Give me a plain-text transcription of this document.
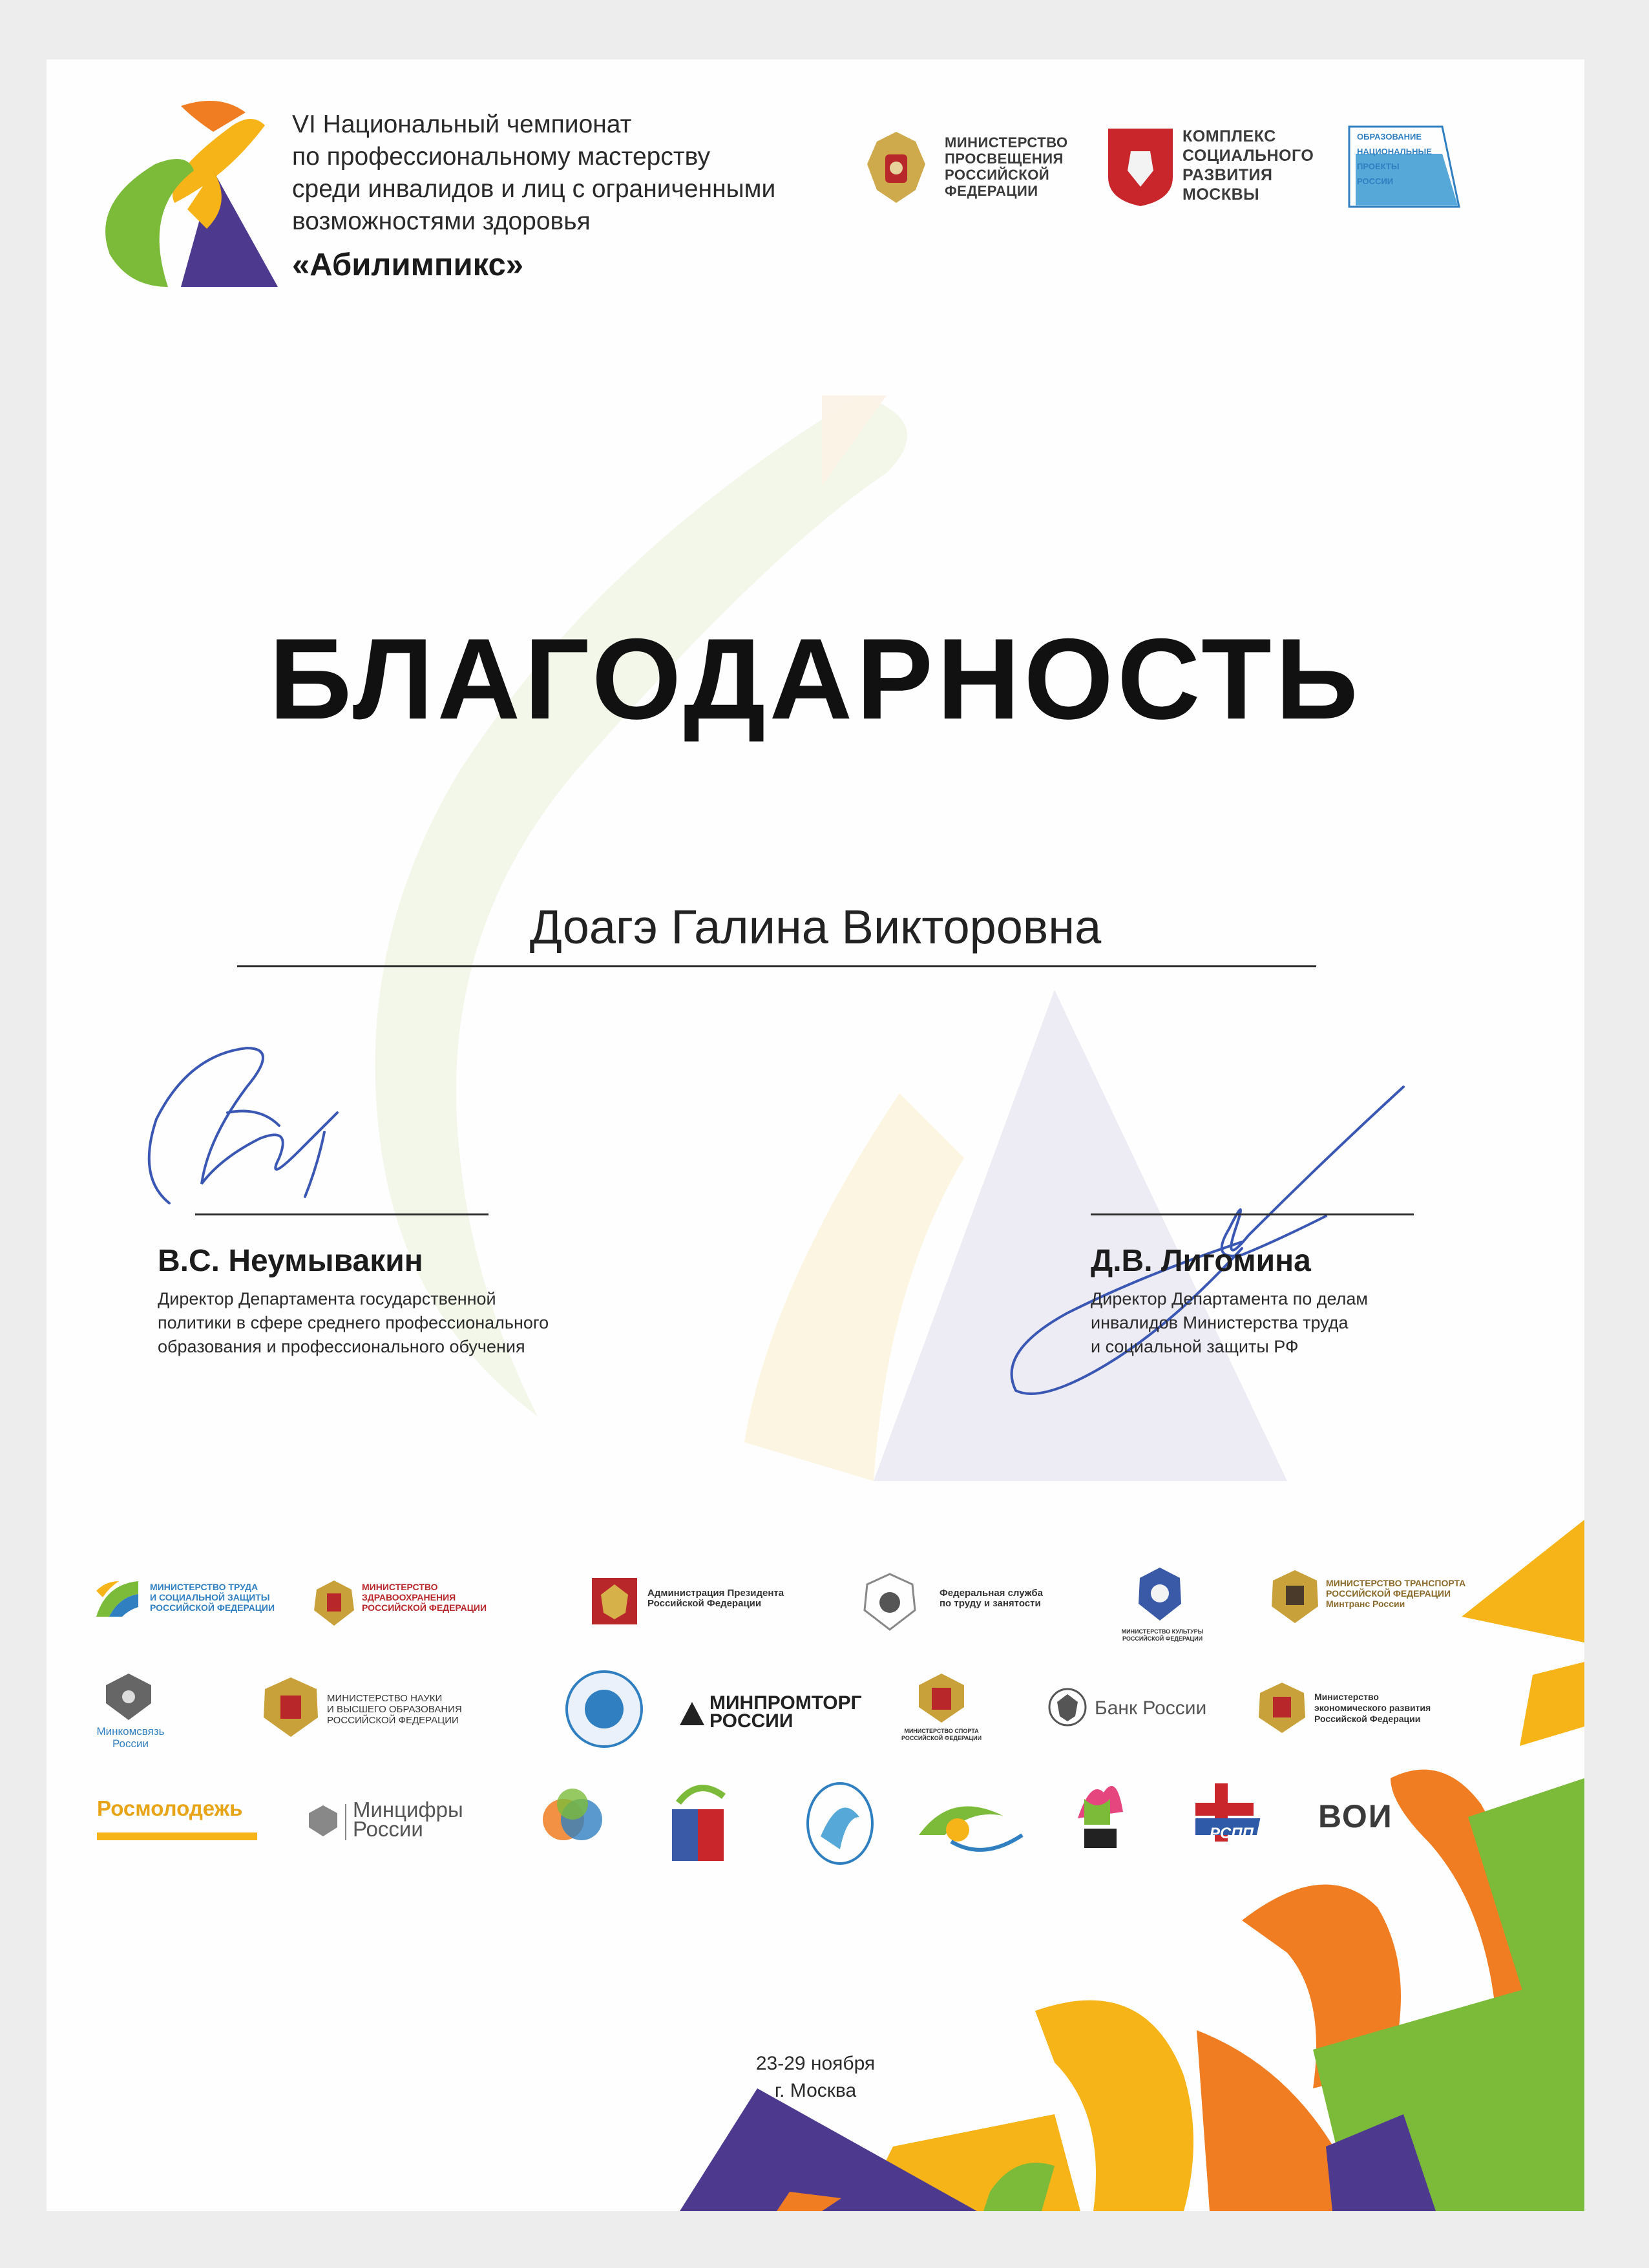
VI Национальный чемпионат
по профессиональному мастерству
среди инвалидов и лиц с ограниченными
возможностями здоровья
«Абилимпикс»
МИНИСТЕРСТВО
ПРОСВЕЩЕНИЯ
РОССИЙСКОЙ
ФЕДЕРАЦИИ
КОМПЛЕКС
СОЦИАЛЬНОГО
РАЗВИТИЯ
МОСКВЫ
ОБРАЗОВАНИЕ
НАЦИОНАЛЬНЫЕ
ПРОЕКТЫ
РОССИИ
БЛАГОДАРНОСТЬ
Доагэ Галина Викторовна
В.С. Неумывакин
Директор Департамента государственной
политики в сфере среднего профессионального
образования и профессионального обучения
Д.В. Лигомина
Директор Департамента по делам
инвалидов Министерства труда
и социальной защиты РФ
МИНИСТЕРСТВО ТРУДА
И СОЦИАЛЬНОЙ ЗАЩИТЫ
РОССИЙСКОЙ ФЕДЕРАЦИИ
МИНИСТЕРСТВО
ЗДРАВООХРАНЕНИЯ
РОССИЙСКОЙ ФЕДЕРАЦИИ
Администрация Президента
Российской Федерации
Федеральная служба
по труду и занятости
МИНИСТЕРСТВО КУЛЬТУРЫ
РОССИЙСКОЙ ФЕДЕРАЦИИ
МИНИСТЕРСТВО ТРАНСПОРТА
РОССИЙСКОЙ ФЕДЕРАЦИИ
Минтранс России
Минкомсвязь
России
МИНИСТЕРСТВО НАУКИ
И ВЫСШЕГО ОБРАЗОВАНИЯ
РОССИЙСКОЙ ФЕДЕРАЦИИ
МИНПРОМТОРГ
РОССИИ	МИНИСТЕРСТВО СПОРТА
РОССИЙСКОЙ ФЕДЕРАЦИИ
Банк России
Министерство
экономического развития
Российской Федерации
Росмолодежь	Минцифры
России	РСПП ВОИ
23-29 ноября
г. Москва
